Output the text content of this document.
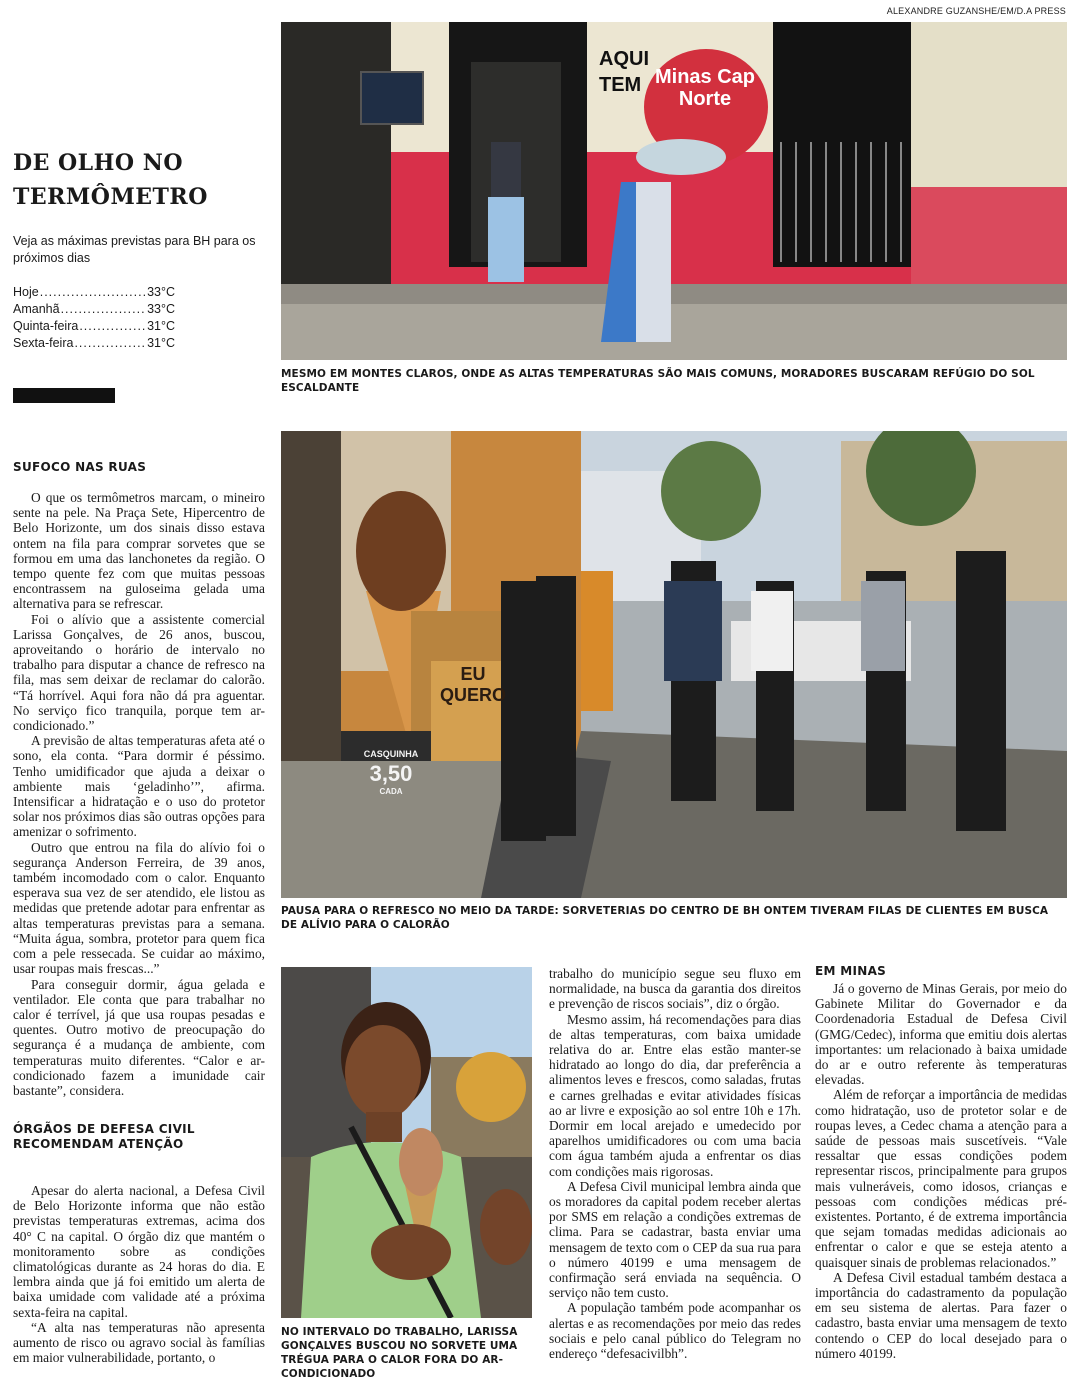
ALEXANDRE GUZANSHE/EM/D.A PRESS
DE OLHO NO
TERMÔMETRO
Veja as máximas previstas para BH para os próximos dias
Hoje .....	33°C
Amanhã .....	33°C
Quinta-feira .....	31°C
Sexta-feira .....	31°C
AQUI TEM Minas Cap Norte
MESMO EM MONTES CLAROS, ONDE AS ALTAS TEMPERATURAS SÃO MAIS COMUNS, MORADORES BUSCARAM REFÚGIO DO SOL ESCALDANTE
CASQUINHA
3,50
CADA
EU QUERO
PAUSA PARA O REFRESCO NO MEIO DA TARDE: SORVETERIAS DO CENTRO DE BH ONTEM TIVERAM FILAS DE CLIENTES EM BUSCA DE ALÍVIO PARA O CALORÃO
NO INTERVALO DO TRABALHO, LARISSA GONÇALVES BUSCOU NO SORVETE UMA TRÉGUA PARA O CALOR FORA DO AR-CONDICIONADO
SUFOCO NAS RUAS

O que os termômetros marcam, o mineiro sente na pele. Na Praça Sete, Hipercentro de Belo Horizonte, um dos sinais disso estava ontem na fila para comprar sorvetes que se formou em uma das lanchonetes da região. O tempo quente fez com que muitas pessoas encontrassem na guloseima gelada uma alternativa para se refrescar.

Foi o alívio que a assistente comercial Larissa Gonçalves, de 26 anos, buscou, aproveitando o horário de intervalo no trabalho para disputar a chance de refresco na fila, mas sem deixar de reclamar do calorão. “Tá horrível. Aqui fora não dá pra aguentar. No serviço fico tranquila, porque tem ar-condicionado.”

A previsão de altas temperaturas afeta até o sono, ela conta. “Para dormir é péssimo. Tenho umidificador que ajuda a deixar o ambiente mais ‘geladinho’”, afirma. Intensificar a hidratação e o uso do protetor solar nos próximos dias são outras opções para amenizar o sofrimento.

Outro que entrou na fila do alívio foi o segurança Anderson Ferreira, de 39 anos, também incomodado com o calor. Enquanto esperava sua vez de ser atendido, ele listou as medidas que pretende adotar para enfrentar as altas temperaturas previstas para a semana. “Muita água, sombra, protetor para quem fica com a pele ressecada. Se cuidar ao máximo, usar roupas mais frescas...”

Para conseguir dormir, água gelada e ventilador. Ele conta que para trabalhar no calor é terrível, já que usa roupas pesadas e quentes. Outro motivo de preocupação do segurança é a mudança de ambiente, com temperaturas muito diferentes. “Calor e ar-condicionado fazem a imunidade cair bastante”, considera.

ÓRGÃOS DE DEFESA CIVIL
RECOMENDAM ATENÇÃO

Apesar do alerta nacional, a Defesa Civil de Belo Horizonte informa que não estão previstas temperaturas extremas, acima dos 40° C na capital. O órgão diz que mantém o monitoramento sobre as condições climatológicas durante as 24 horas do dia. E lembra ainda que já foi emitido um alerta de baixa umidade com validade até a próxima sexta-feira na capital.

“A alta nas temperaturas não apresenta aumento de risco ou agravo social às famílias em maior vulnerabilidade, portanto, o

trabalho do município segue seu fluxo em normalidade, na busca da garantia dos direitos e prevenção de riscos sociais”, diz o órgão.

Mesmo assim, há recomendações para dias de altas temperaturas, com baixa umidade relativa do ar. Entre elas estão manter-se hidratado ao longo do dia, dar preferência a alimentos leves e frescos, como saladas, frutas e carnes grelhadas e evitar atividades físicas ao ar livre e exposição ao sol entre 10h e 17h. Dormir em local arejado e umedecido por aparelhos umidificadores ou com uma bacia com água também ajuda a enfrentar os dias com condições mais rigorosas.

A Defesa Civil municipal lembra ainda que os moradores da capital podem receber alertas por SMS em relação a condições extremas de clima. Para se cadastrar, basta enviar uma mensagem de texto com o CEP da sua rua para o número 40199 e uma mensagem de confirmação será enviada na sequência. O serviço não tem custo.

A população também pode acompanhar os alertas e as recomendações por meio das redes sociais e pelo canal público do Telegram no endereço “defesacivilbh”.

EM MINAS

Já o governo de Minas Gerais, por meio do Gabinete Militar do Governador e da Coordenadoria Estadual de Defesa Civil (GMG/Cedec), informa que emitiu dois alertas importantes: um relacionado à baixa umidade do ar e outro referente às temperaturas elevadas.

Além de reforçar a importância de medidas como hidratação, uso de protetor solar e de roupas leves, a Cedec chama a atenção para a saúde de pessoas mais suscetíveis. “Vale ressaltar que essas condições podem representar riscos, principalmente para grupos mais vulneráveis, como idosos, crianças e pessoas com condições médicas pré-existentes. Portanto, é de extrema importância que sejam tomadas medidas adicionais ao enfrentar o calor e que se esteja atento a quaisquer sinais de problemas relacionados.”

A Defesa Civil estadual também destaca a importância do cadastramento da população em seu sistema de alertas. Para fazer o cadastro, basta enviar uma mensagem de texto contendo o CEP do local desejado para o número 40199.
